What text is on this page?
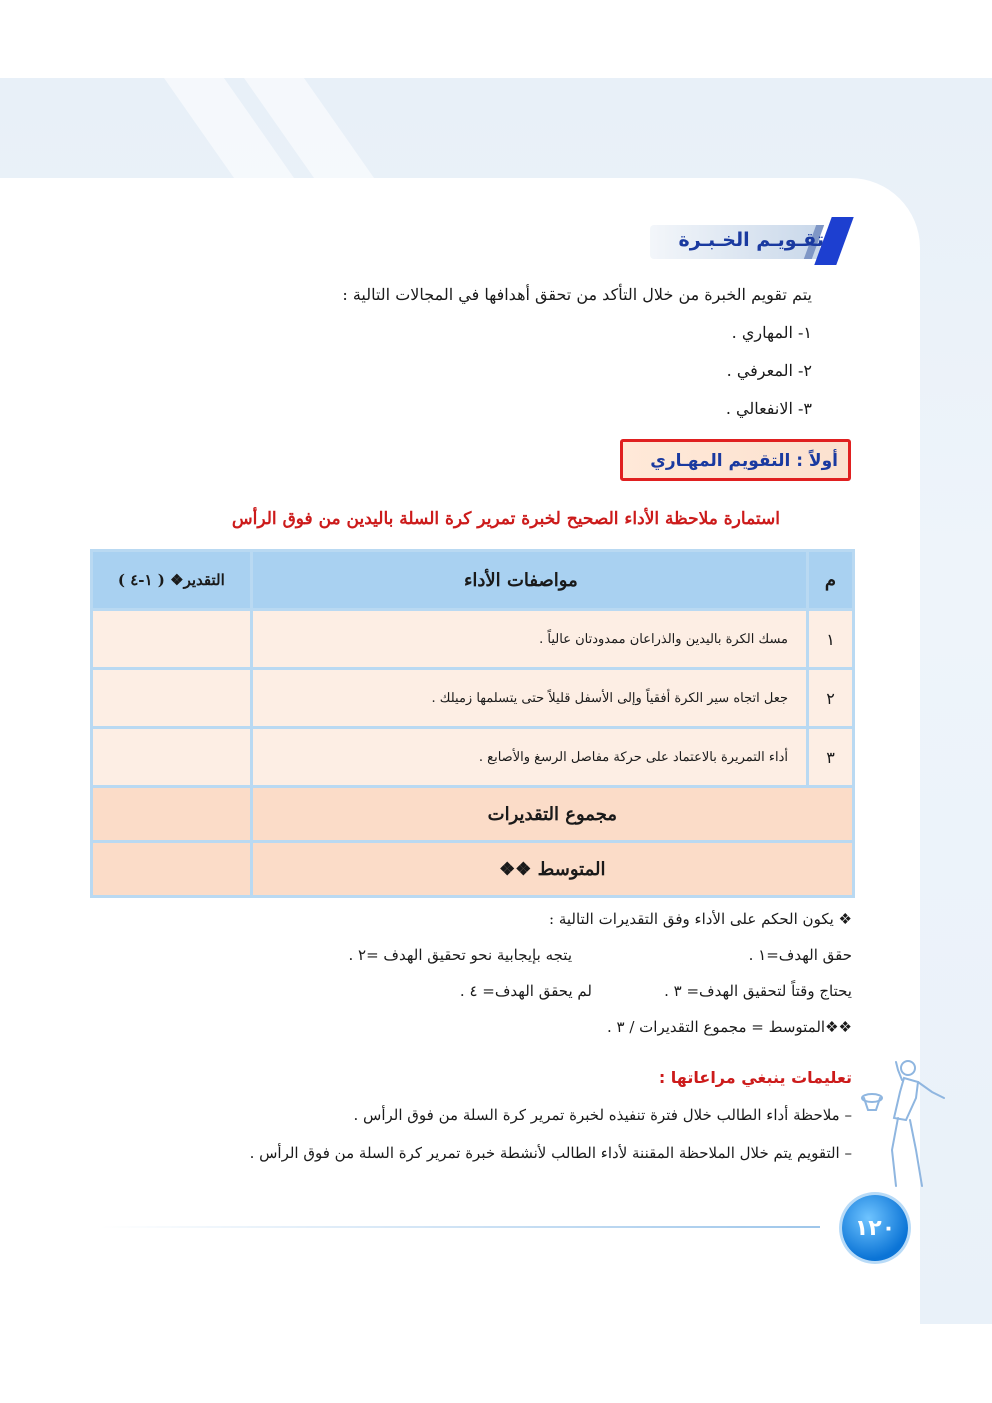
تقـويـم الخـبـرة
يتم تقويم الخبرة من خلال التأكد من تحقق أهدافها في المجالات التالية :
١- المهاري .
٢- المعرفي .
٣- الانفعالي .
أولاً : التقويم المهـاري
استمارة ملاحظة الأداء الصحيح لخبرة تمرير كرة السلة باليدين من فوق الرأس
م	مواصفات الأداء	التقدير❖ ( ١-٤ )
١	مسك الكرة باليدين والذراعان ممدودتان عالياً .	
٢	جعل اتجاه سير الكرة أفقياً وإلى الأسفل قليلاً حتى يتسلمها زميلك .	
٣	أداء التمريرة بالاعتماد على حركة مفاصل الرسغ والأصابع .	
مجموع التقديرات		
المتوسط ❖❖		
❖ يكون الحكم على الأداء وفق التقديرات التالية :
حقق الهدف=١ .
يتجه بإيجابية نحو تحقيق الهدف =٢ .
يحتاج وقتاً لتحقيق الهدف= ٣ .
لم يحقق الهدف= ٤ .
❖❖المتوسط = مجموع التقديرات / ٣ .
تعليمات ينبغي مراعاتها :
– ملاحظة أداء الطالب خلال فترة تنفيذه لخبرة تمرير كرة السلة من فوق الرأس .
– التقويم يتم خلال الملاحظة المقننة لأداء الطالب لأنشطة خبرة تمرير كرة السلة من فوق الرأس .
١٢٠
